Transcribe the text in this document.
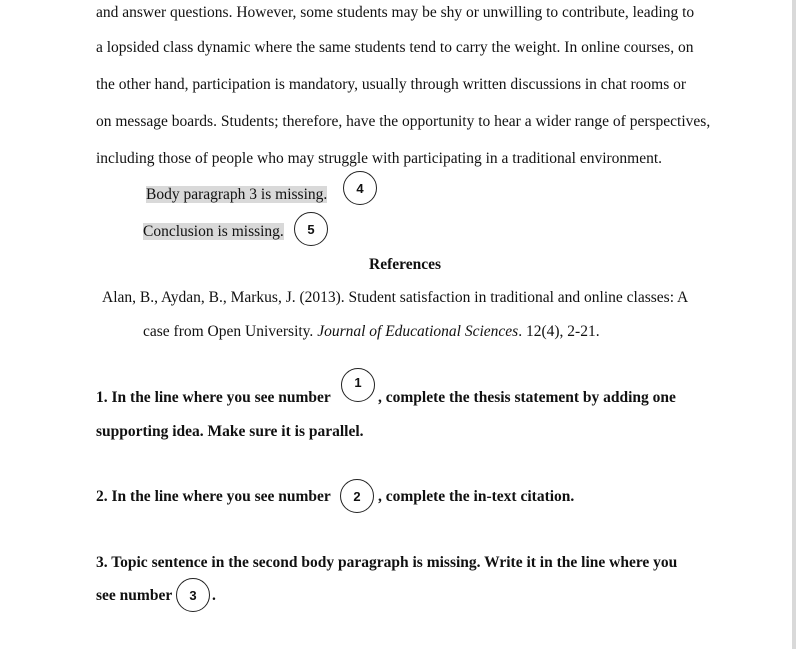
and answer questions. However, some students may be shy or unwilling to contribute, leading to
a lopsided class dynamic where the same students tend to carry the weight. In online courses, on
the other hand, participation is mandatory, usually through written discussions in chat rooms or
on message boards. Students; therefore, have the opportunity to hear a wider range of perspectives,
including those of people who may struggle with participating in a traditional environment.
Body paragraph 3 is missing.	4
Conclusion is missing.	5
References
Alan, B., Aydan, B., Markus, J. (2013). Student satisfaction in traditional and online classes: A
case from Open University. Journal of Educational Sciences. 12(4), 2-21.
1. In the line where you see number
1
, complete the thesis statement by adding one
supporting idea. Make sure it is parallel.
2. In the line where you see number	2	, complete the in-text citation.
3. Topic sentence in the second body paragraph is missing. Write it in the line where you
see number	3 .
